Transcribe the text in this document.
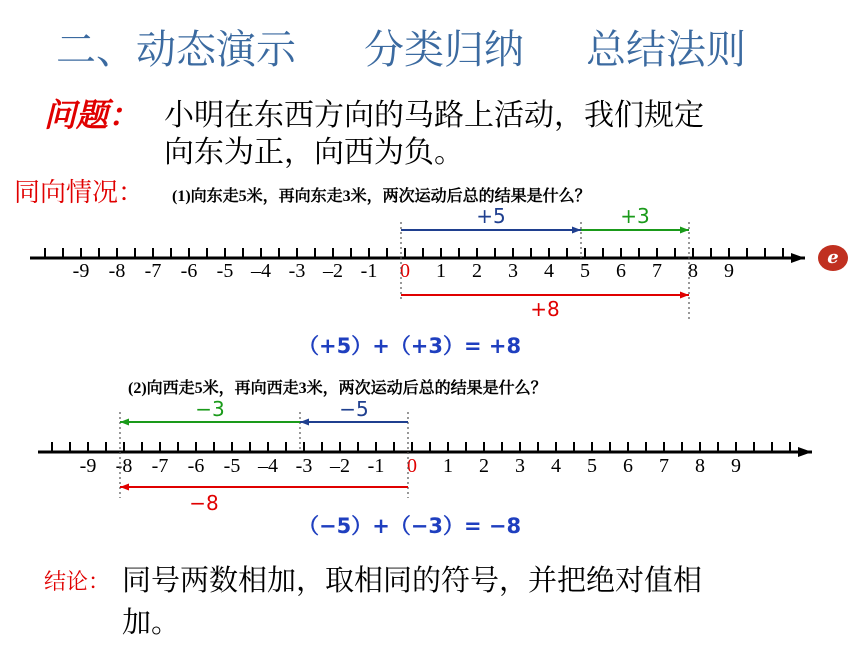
二、动态演示 分类归纳 总结法则
问题： 小明在东西方向的马路上活动，我们规定
向东为正，向西为负。
同向情况： (1)向东走5米，再向东走3米，两次运动后总的结果是什么？
(2)向西走5米，再向西走3米，两次运动后总的结果是什么？
-9 -8 -7 -6 -5 –4 -3 –2 -1 0 1 2 3 4 5 6 7 8 9
+5	+3
+8
-9 -8 -7 -6 -5 –4 -3 –2 -1 0 1 2 3 4 5 6 7 8 9
−5
−3
−8
（+5）+（+3）= +8
（−5）+（−3）= −8
结论： 同号两数相加，取相同的符号，并把绝对值相
加。
e
